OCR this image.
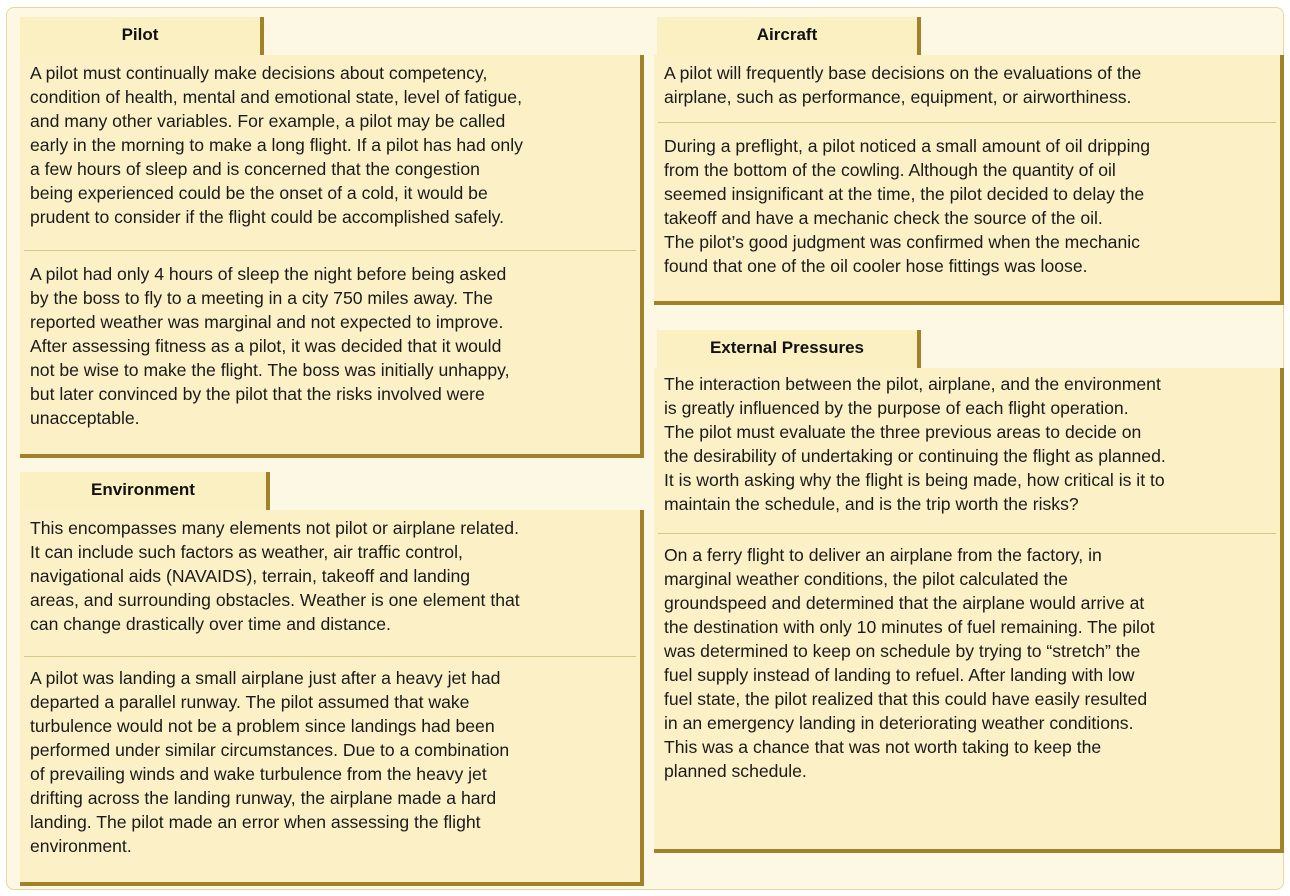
Pilot
A pilot must continually make decisions about competency,
condition of health, mental and emotional state, level of fatigue,
and many other variables. For example, a pilot may be called
early in the morning to make a long flight. If a pilot has had only
a few hours of sleep and is concerned that the congestion
being experienced could be the onset of a cold, it would be
prudent to consider if the flight could be accomplished safely.
A pilot had only 4 hours of sleep the night before being asked
by the boss to fly to a meeting in a city 750 miles away. The
reported weather was marginal and not expected to improve.
After assessing fitness as a pilot, it was decided that it would
not be wise to make the flight. The boss was initially unhappy,
but later convinced by the pilot that the risks involved were
unacceptable.
Environment
This encompasses many elements not pilot or airplane related.
It can include such factors as weather, air traffic control,
navigational aids (NAVAIDS), terrain, takeoff and landing
areas, and surrounding obstacles. Weather is one element that
can change drastically over time and distance.
A pilot was landing a small airplane just after a heavy jet had
departed a parallel runway. The pilot assumed that wake
turbulence would not be a problem since landings had been
performed under similar circumstances. Due to a combination
of prevailing winds and wake turbulence from the heavy jet
drifting across the landing runway, the airplane made a hard
landing. The pilot made an error when assessing the flight
environment.
Aircraft
A pilot will frequently base decisions on the evaluations of the
airplane, such as performance, equipment, or airworthiness.
During a preflight, a pilot noticed a small amount of oil dripping
from the bottom of the cowling. Although the quantity of oil
seemed insignificant at the time, the pilot decided to delay the
takeoff and have a mechanic check the source of the oil.
The pilot’s good judgment was confirmed when the mechanic
found that one of the oil cooler hose fittings was loose.
External Pressures
The interaction between the pilot, airplane, and the environment
is greatly influenced by the purpose of each flight operation.
The pilot must evaluate the three previous areas to decide on
the desirability of undertaking or continuing the flight as planned.
It is worth asking why the flight is being made, how critical is it to
maintain the schedule, and is the trip worth the risks?
On a ferry flight to deliver an airplane from the factory, in
marginal weather conditions, the pilot calculated the
groundspeed and determined that the airplane would arrive at
the destination with only 10 minutes of fuel remaining. The pilot
was determined to keep on schedule by trying to “stretch” the
fuel supply instead of landing to refuel. After landing with low
fuel state, the pilot realized that this could have easily resulted
in an emergency landing in deteriorating weather conditions.
This was a chance that was not worth taking to keep the
planned schedule.
